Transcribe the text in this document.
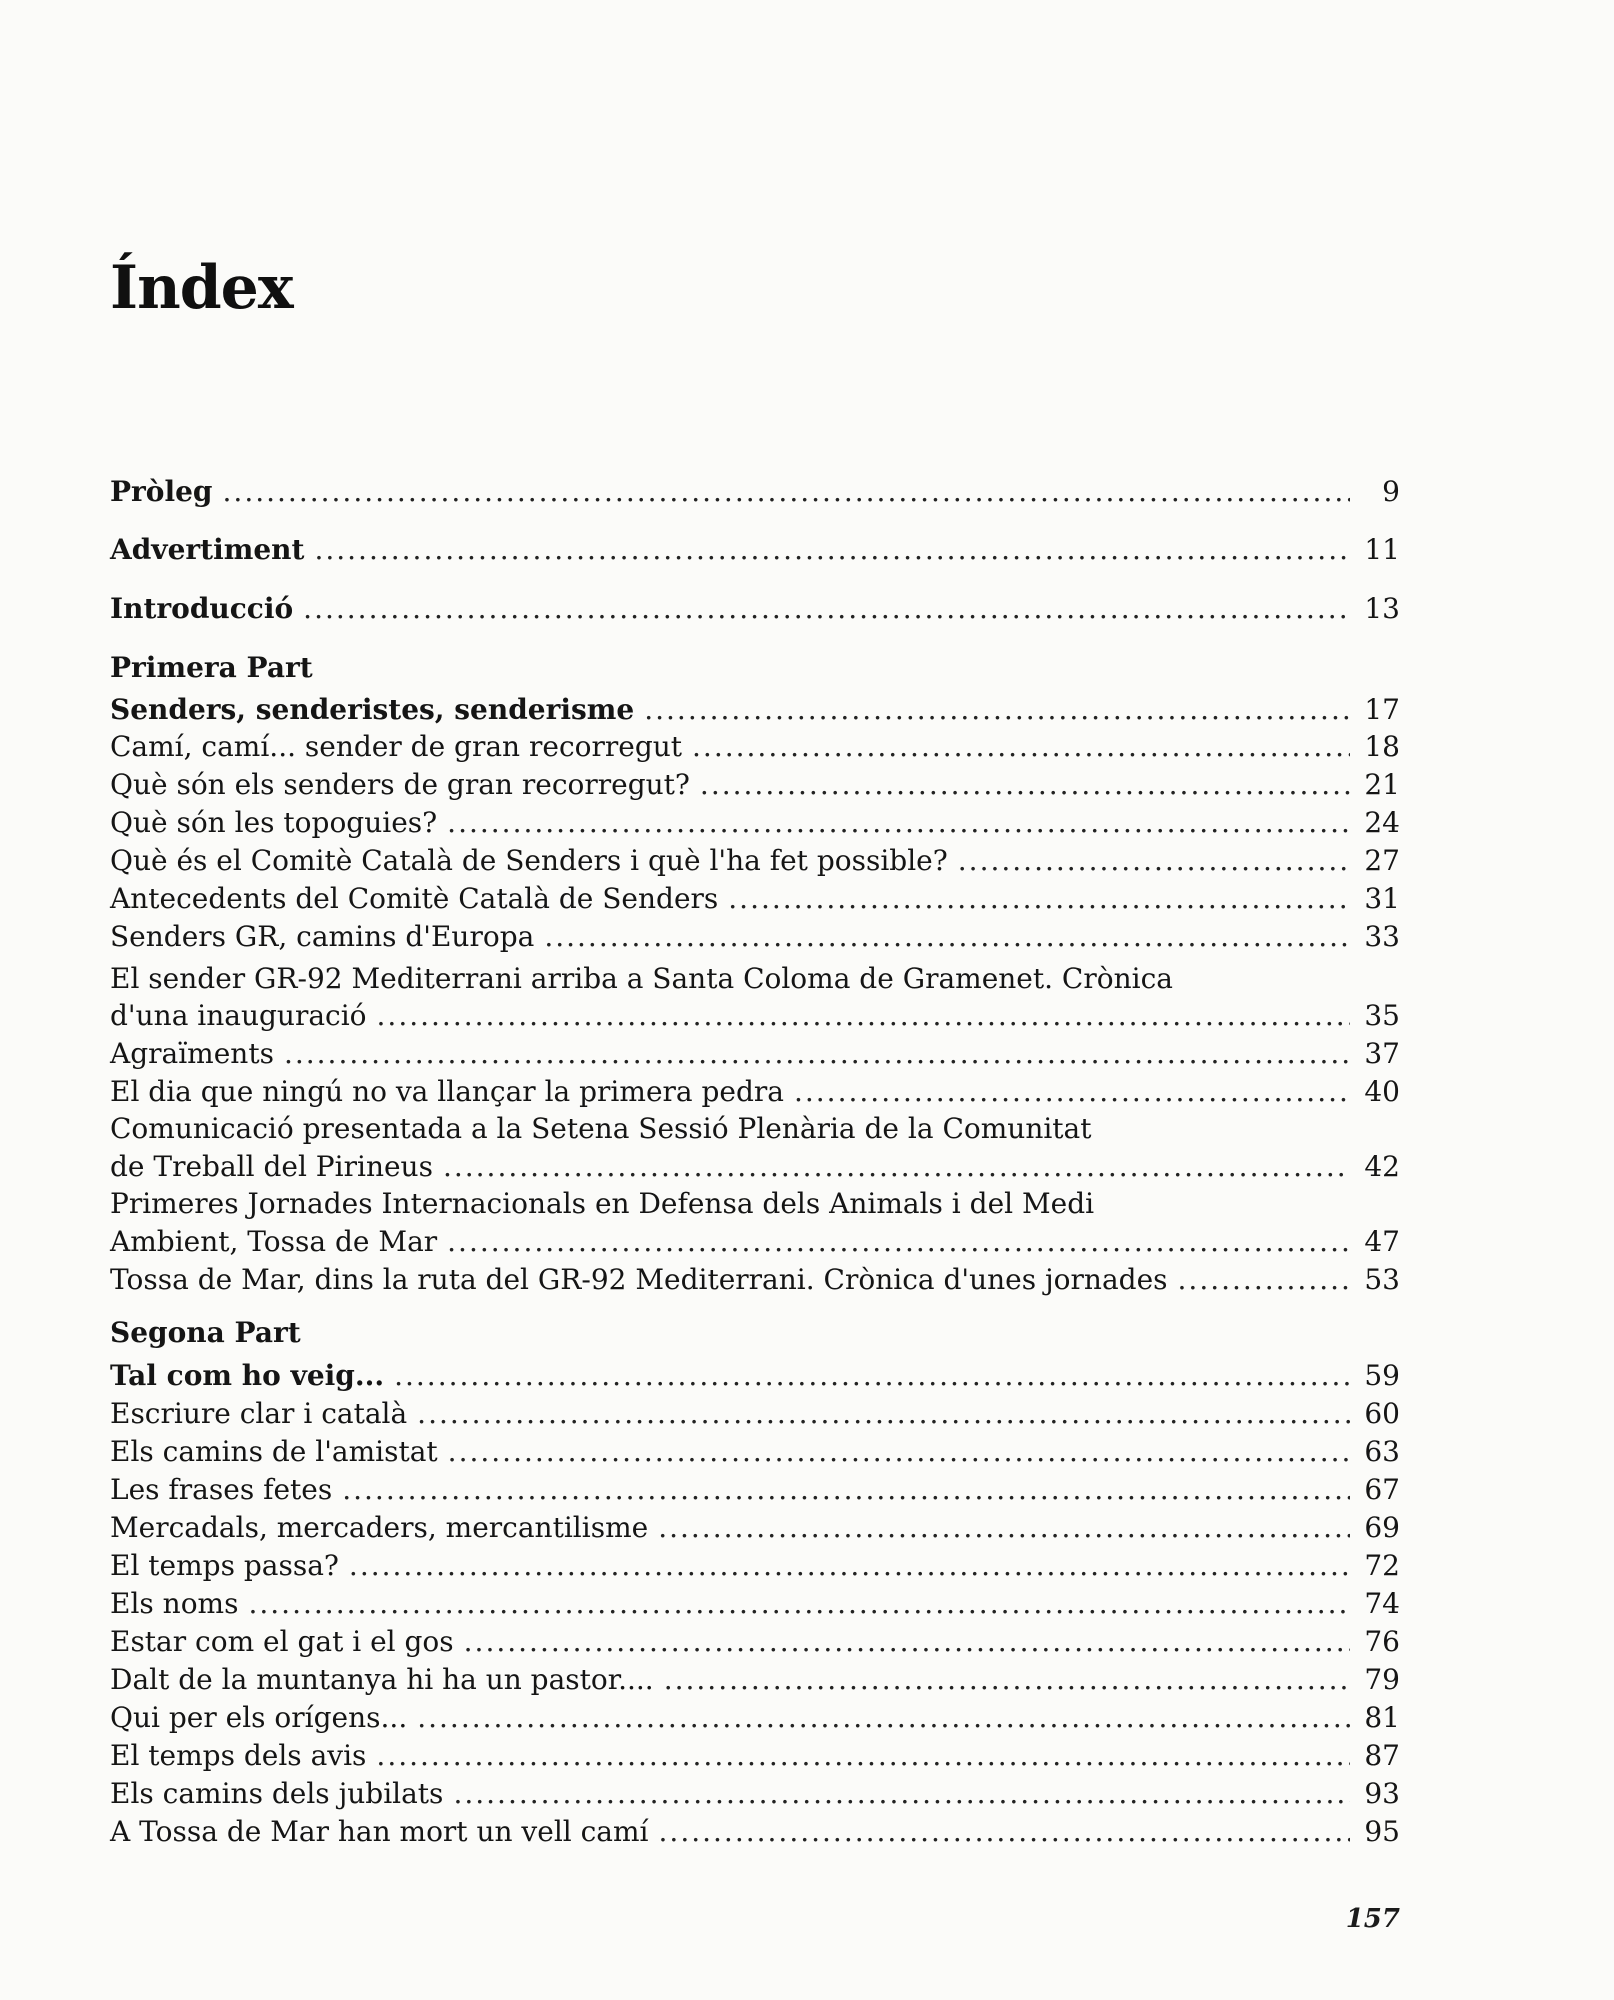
Índex
Pròleg .....	9
Advertiment .....	11
Introducció .....	13
Primera Part
Senders, senderistes, senderisme .....	17
Camí, camí... sender de gran recorregut .....	18
Què són els senders de gran recorregut? .....	21
Què són les topoguies? .....	24
Què és el Comitè Català de Senders i què l'ha fet possible? .....	27
Antecedents del Comitè Català de Senders .....	31
Senders GR, camins d'Europa .....	33
El sender GR-92 Mediterrani arriba a Santa Coloma de Gramenet. Crònica
d'una inauguració .....	35
Agraïments .....	37
El dia que ningú no va llançar la primera pedra .....	40
Comunicació presentada a la Setena Sessió Plenària de la Comunitat
de Treball del Pirineus .....	42
Primeres Jornades Internacionals en Defensa dels Animals i del Medi
Ambient, Tossa de Mar .....	47
Tossa de Mar, dins la ruta del GR-92 Mediterrani. Crònica d'unes jornades .....	53
Segona Part
Tal com ho veig... .....	59
Escriure clar i català .....	60
Els camins de l'amistat .....	63
Les frases fetes .....	67
Mercadals, mercaders, mercantilisme .....	69
El temps passa? .....	72
Els noms .....	74
Estar com el gat i el gos .....	76
Dalt de la muntanya hi ha un pastor.... .....	79
Qui per els orígens... .....	81
El temps dels avis .....	87
Els camins dels jubilats .....	93
A Tossa de Mar han mort un vell camí .....	95
157
